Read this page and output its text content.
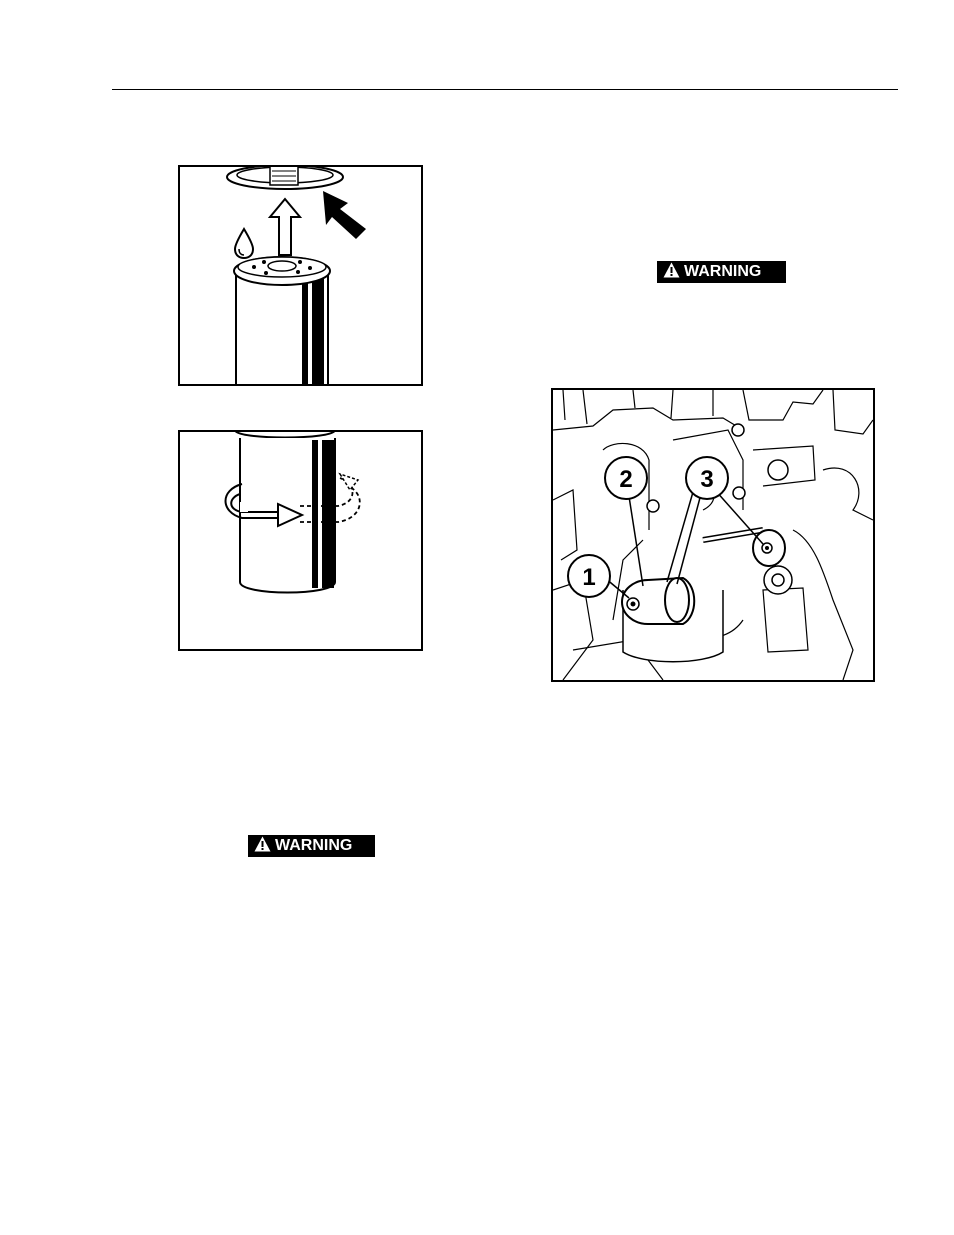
WARNING
1
2	3
WARNING
